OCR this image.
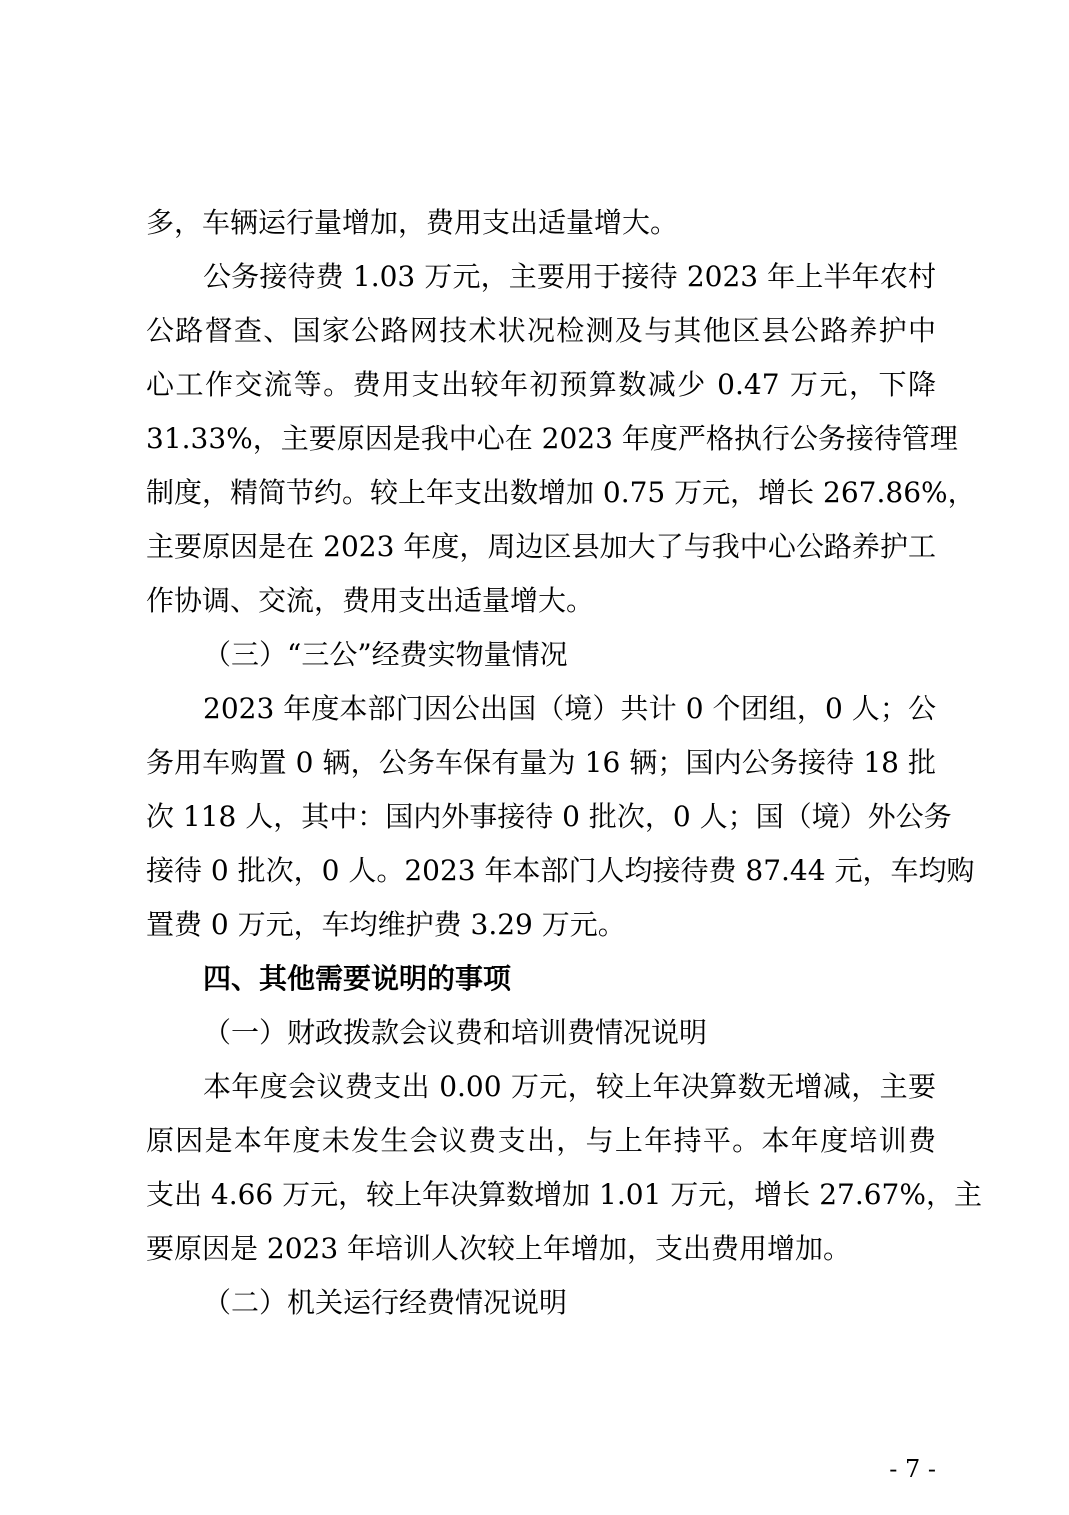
多，车辆运行量增加，费用支出适量增大。
公务接待费 1.03 万元，主要用于接待 2023 年上半年农村
公路督查、国家公路网技术状况检测及与其他区县公路养护中
心工作交流等。费用支出较年初预算数减少 0.47 万元，下降
31.33%，主要原因是我中心在 2023 年度严格执行公务接待管理
制度，精简节约。较上年支出数增加 0.75 万元，增长 267.86%，
主要原因是在 2023 年度，周边区县加大了与我中心公路养护工
作协调、交流，费用支出适量增大。
（三）“三公”经费实物量情况
2023 年度本部门因公出国（境）共计 0 个团组，0 人；公
务用车购置 0 辆，公务车保有量为 16 辆；国内公务接待 18 批
次 118 人，其中：国内外事接待 0 批次，0 人；国（境）外公务
接待 0 批次，0 人。2023 年本部门人均接待费 87.44 元，车均购
置费 0 万元，车均维护费 3.29 万元。
四、其他需要说明的事项
（一）财政拨款会议费和培训费情况说明
本年度会议费支出 0.00 万元，较上年决算数无增减，主要
原因是本年度未发生会议费支出，与上年持平。本年度培训费
支出 4.66 万元，较上年决算数增加 1.01 万元，增长 27.67%，主
要原因是 2023 年培训人次较上年增加，支出费用增加。
（二）机关运行经费情况说明
- 7 -
